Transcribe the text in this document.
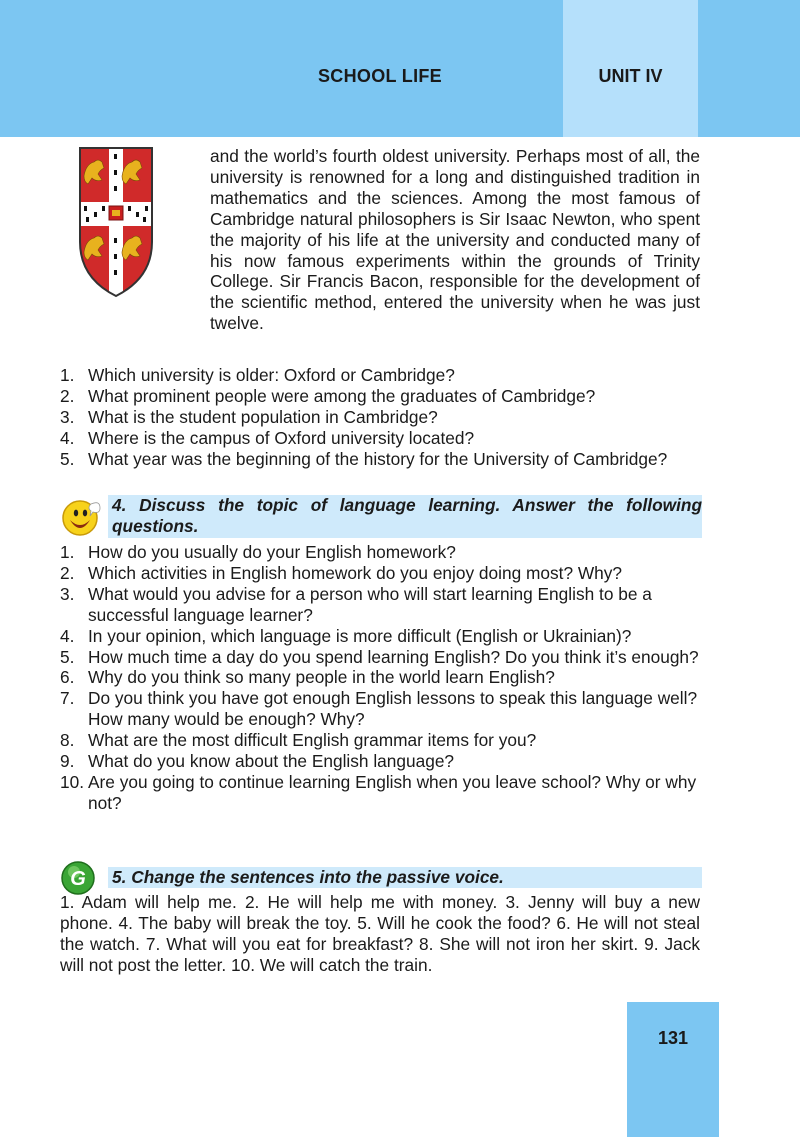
SCHOOL LIFE	UNIT IV

and the world’s fourth oldest university. Perhaps most of all, the university is renowned for a long and distinguished tradition in mathematics and the sciences. Among the most famous of Cambridge natural philosophers is Sir Isaac Newton, who spent the majority of his life at the university and conducted many of his now famous experiments within the grounds of Trinity College. Sir Francis Bacon, responsible for the development of the scientific method, entered the university when he was just twelve.

1. Which university is older: Oxford or Cambridge?
2. What prominent people were among the graduates of Cambridge?
3. What is the student population in Cambridge?
4. Where is the campus of Oxford university located?
5. What year was the beginning of the history for the University of Cambridge?
4. Discuss the topic of language learning. Answer the following questions.
1. How do you usually do your English homework?
2. Which activities in English homework do you enjoy doing most? Why?
3. What would you advise for a person who will start learning English to be a successful language learner?
4. In your opinion, which language is more difficult (English or Ukrainian)?
5. How much time a day do you spend learning English? Do you think it’s enough?
6. Why do you think so many people in the world learn English?
7. Do you think you have got enough English lessons to speak this language well? How many would be enough? Why?
8. What are the most difficult English grammar items for you?
9. What do you know about the English language?
10. Are you going to continue learning English when you leave school? Why or why not?
G 5. Change the sentences into the passive voice.

1. Adam will help me. 2. He will help me with money. 3. Jenny will buy a new phone. 4. The baby will break the toy. 5. Will he cook the food? 6. He will not steal the watch. 7. What will you eat for breakfast? 8. She will not iron her skirt. 9. Jack will not post the letter. 10. We will catch the train.

131
